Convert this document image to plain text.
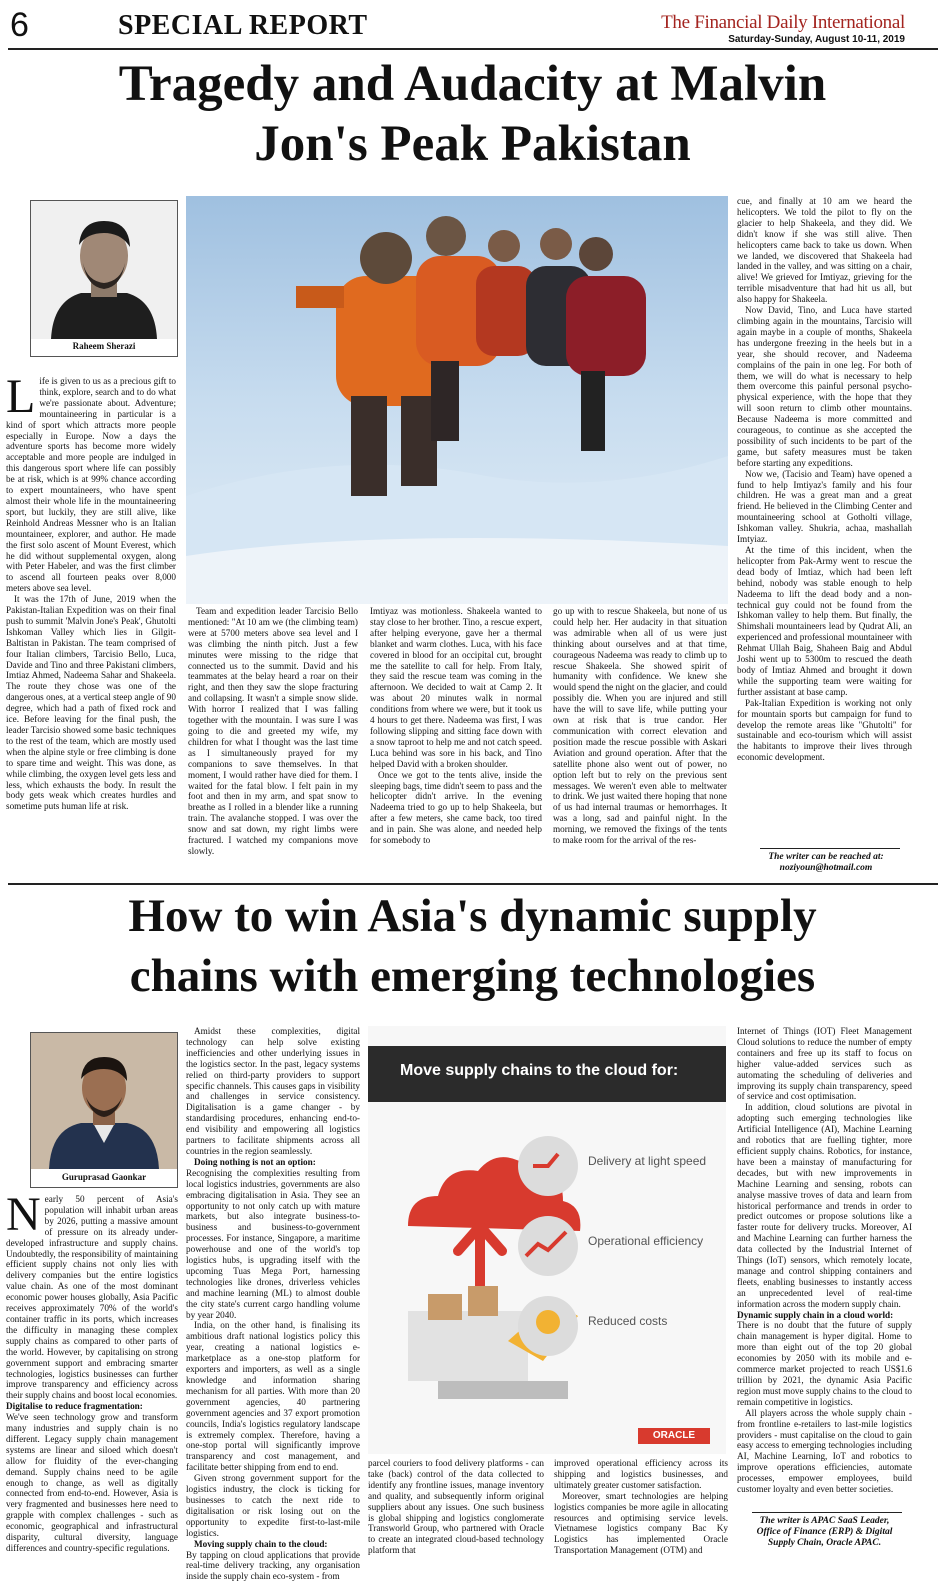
6	SPECIAL REPORT	The Financial Daily International
Saturday-Sunday, August 10-11, 2019
Tragedy and Audacity at Malvin
Jon's Peak Pakistan
Raheem Sherazi
L ife is given to us as a precious gift to think, explore, search and to do what we're passionate about. Adventure; mountaineering in particular is a kind of sport which attracts more people especially in Europe. Now a days the adventure sports has become more widely acceptable and more people are indulged in this dangerous sport where life can possibly be at risk, which is at 99% chance according to expert mountaineers, who have spent almost their whole life in the mountaineering sport, but luckily, they are still alive, like Reinhold Andreas Messner who is an Italian mountaineer, explorer, and author. He made the first solo ascent of Mount Everest, which he did without supplemental oxygen, along with Peter Habeler, and was the first climber to ascend all fourteen peaks over 8,000 meters above sea level.

It was the 17th of June, 2019 when the Pakistan-Italian Expedition was on their final push to summit 'Malvin Jone's Peak', Ghutolti Ishkoman Valley which lies in Gilgit-Baltistan in Pakistan. The team comprised of four Italian climbers, Tarcisio Bello, Luca, Davide and Tino and three Pakistani climbers, Imtiaz Ahmed, Nadeema Sahar and Shakeela. The route they chose was one of the dangerous ones, at a vertical steep angle of 90 degree, which had a path of fixed rock and ice. Before leaving for the final push, the leader Tarcisio showed some basic techniques to the rest of the team, which are mostly used when the alpine style or free climbing is done to spare time and weight. This was done, as while climbing, the oxygen level gets less and less, which exhausts the body. In result the body gets weak which creates hurdles and sometime puts human life at risk.

Team and expedition leader Tarcisio Bello mentioned: "At 10 am we (the climbing team) were at 5700 meters above sea level and I was climbing the ninth pitch. Just a few minutes were missing to the ridge that connected us to the summit. David and his teammates at the belay heard a roar on their right, and then they saw the slope fracturing and collapsing. It wasn't a simple snow slide. With horror I realized that I was falling together with the mountain. I was sure I was going to die and greeted my wife, my children for what I thought was the last time as I simultaneously prayed for my companions to save themselves. In that moment, I would rather have died for them. I waited for the fatal blow. I felt pain in my foot and then in my arm, and spat snow to breathe as I rolled in a blender like a running train. The avalanche stopped. I was over the snow and sat down, my right limbs were fractured. I watched my companions move slowly.

Imtiyaz was motionless. Shakeela wanted to stay close to her brother. Tino, a rescue expert, after helping everyone, gave her a thermal blanket and warm clothes. Luca, with his face covered in blood for an occipital cut, brought me the satellite to call for help. From Italy, they said the rescue team was coming in the afternoon. We decided to wait at Camp 2. It was about 20 minutes walk in normal conditions from where we were, but it took us 4 hours to get there. Nadeema was first, I was following slipping and sitting face down with a snow taproot to help me and not catch speed. Luca behind was sore in his back, and Tino helped David with a broken shoulder.

Once we got to the tents alive, inside the sleeping bags, time didn't seem to pass and the helicopter didn't arrive. In the evening Nadeema tried to go up to help Shakeela, but after a few meters, she came back, too tired and in pain. She was alone, and needed help for somebody to

go up with to rescue Shakeela, but none of us could help her. Her audacity in that situation was admirable when all of us were just thinking about ourselves and at that time, courageous Nadeema was ready to climb up to rescue Shakeela. She showed spirit of humanity with confidence. We knew she would spend the night on the glacier, and could possibly die. When you are injured and still have the will to save life, while putting your own at risk that is true candor. Her communication with correct elevation and position made the rescue possible with Askari Aviation and ground operation. After that the satellite phone also went out of power, no option left but to rely on the previous sent messages. We weren't even able to meltwater to drink. We just waited there hoping that none of us had internal traumas or hemorrhages. It was a long, sad and painful night. In the morning, we removed the fixings of the tents to make room for the arrival of the res-

cue, and finally at 10 am we heard the helicopters. We told the pilot to fly on the glacier to help Shakeela, and they did. We didn't know if she was still alive. Then helicopters came back to take us down. When we landed, we discovered that Shakeela had landed in the valley, and was sitting on a chair, alive! We grieved for Imtiyaz, grieving for the terrible misadventure that had hit us all, but also happy for Shakeela.

Now David, Tino, and Luca have started climbing again in the mountains, Tarcisio will again maybe in a couple of months, Shakeela has undergone freezing in the heels but in a year, she should recover, and Nadeema complains of the pain in one leg. For both of them, we will do what is necessary to help them overcome this painful personal psycho-physical experience, with the hope that they will soon return to climb other mountains. Because Nadeema is more committed and courageous, to continue as she accepted the possibility of such incidents to be part of the game, but safety measures must be taken before starting any expeditions.

Now we, (Tacisio and Team) have opened a fund to help Imtiyaz's family and his four children. He was a great man and a great friend. He believed in the Climbing Center and mountaineering school at Gotholti village, Ishkoman valley. Shukria, achaa, mashallah Imtyiaz.

At the time of this incident, when the helicopter from Pak-Army went to rescue the dead body of Imtiaz, which had been left behind, nobody was stable enough to help Nadeema to lift the dead body and a non-technical guy could not be found from the Ishkoman valley to help them. But finally, the Shimshali mountaineers lead by Qudrat Ali, an experienced and professional mountaineer with Rehmat Ullah Baig, Shaheen Baig and Abdul Joshi went up to 5300m to rescued the death body of Imtiaz Ahmed and brought it down while the supporting team were waiting for further assistant at base camp.

Pak-Italian Expedition is working not only for mountain sports but campaign for fund to develop the remote areas like "Ghutolti" for sustainable and eco-tourism which will assist the habitants to improve their lives through economic development.

The writer can be reached at:
noziyoun@hotmail.com
How to win Asia's dynamic supply
chains with emerging technologies
Guruprasad Gaonkar
N early 50 percent of Asia's population will inhabit urban areas by 2026, putting a massive amount of pressure on its already under-developed infrastructure and supply chains. Undoubtedly, the responsibility of maintaining efficient supply chains not only lies with delivery companies but the entire logistics value chain. As one of the most dominant economic power houses globally, Asia Pacific receives approximately 70% of the world's container traffic in its ports, which increases the difficulty in managing these complex supply chains as compared to other parts of the world. However, by capitalising on strong government support and embracing smarter technologies, logistics businesses can further improve transparency and efficiency across their supply chains and boost local economies.

Digitalise to reduce fragmentation:

We've seen technology grow and transform many industries and supply chain is no different. Legacy supply chain management systems are linear and siloed which doesn't allow for fluidity of the ever-changing demand. Supply chains need to be agile enough to change, as well as digitally connected from end-to-end. However, Asia is very fragmented and businesses here need to grapple with complex challenges - such as economic, geographical and infrastructural disparity, cultural diversity, language differences and country-specific regulations.

Amidst these complexities, digital technology can help solve existing inefficiencies and other underlying issues in the logistics sector. In the past, legacy systems relied on third-party providers to support specific channels. This causes gaps in visibility and challenges in service consistency. Digitalisation is a game changer - by standardising procedures, enhancing end-to-end visibility and empowering all logistics partners to facilitate shipments across all countries in the region seamlessly.

Doing nothing is not an option:

Recognising the complexities resulting from local logistics industries, governments are also embracing digitalisation in Asia. They see an opportunity to not only catch up with mature markets, but also integrate business-to-business and business-to-government processes. For instance, Singapore, a maritime powerhouse and one of the world's top logistics hubs, is upgrading itself with the upcoming Tuas Mega Port, harnessing technologies like drones, driverless vehicles and machine learning (ML) to almost double the city state's current cargo handling volume by year 2040.

India, on the other hand, is finalising its ambitious draft national logistics policy this year, creating a national logistics e-marketplace as a one-stop platform for exporters and importers, as well as a single knowledge and information sharing mechanism for all parties. With more than 20 government agencies, 40 partnering government agencies and 37 export promotion councils, India's logistics regulatory landscape is extremely complex. Therefore, having a one-stop portal will significantly improve transparency and cost management, and facilitate better shipping from end to end.

Given strong government support for the logistics industry, the clock is ticking for businesses to catch the next ride to digitalisation or risk losing out on the opportunity to expedite first-to-last-mile logistics.

Moving supply chain to the cloud:

By tapping on cloud applications that provide real-time delivery tracking, any organisation inside the supply chain eco-system - from

Move supply chains to the cloud for:
Delivery at light speed
Operational efficiency
Reduced costs
ORACLE

parcel couriers to food delivery platforms - can take (back) control of the data collected to identify any frontline issues, manage inventory and quality, and subsequently inform original suppliers about any issues. One such business is global shipping and logistics conglomerate Transworld Group, who partnered with Oracle to create an integrated cloud-based technology platform that

improved operational efficiency across its shipping and logistics businesses, and ultimately greater customer satisfaction.

Moreover, smart technologies are helping logistics companies be more agile in allocating resources and optimising service levels. Vietnamese logistics company Bac Ky Logistics has implemented Oracle Transportation Management (OTM) and

Internet of Things (IOT) Fleet Management Cloud solutions to reduce the number of empty containers and free up its staff to focus on higher value-added services such as automating the scheduling of deliveries and improving its supply chain transparency, speed of service and cost optimisation.

In addition, cloud solutions are pivotal in adopting such emerging technologies like Artificial Intelligence (AI), Machine Learning and robotics that are fuelling tighter, more efficient supply chains. Robotics, for instance, have been a mainstay of manufacturing for decades, but with new improvements in Machine Learning and sensing, robots can analyse massive troves of data and learn from historical performance and trends in order to predict outcomes or propose solutions like a faster route for delivery trucks. Moreover, AI and Machine Learning can further harness the data collected by the Industrial Internet of Things (IoT) sensors, which remotely locate, manage and control shipping containers and fleets, enabling businesses to instantly access an unprecedented level of real-time information across the modern supply chain.

Dynamic supply chain in a cloud world:

There is no doubt that the future of supply chain management is hyper digital. Home to more than eight out of the top 20 global economies by 2050 with its mobile and e-commerce market projected to reach US$1.6 trillion by 2021, the dynamic Asia Pacific region must move supply chains to the cloud to remain competitive in logistics.

All players across the whole supply chain - from frontline e-retailers to last-mile logistics providers - must capitalise on the cloud to gain easy access to emerging technologies including AI, Machine Learning, IoT and robotics to improve operations efficiencies, automate processes, empower employees, build customer loyalty and even better societies.

The writer is APAC SaaS Leader,
Office of Finance (ERP) & Digital
Supply Chain, Oracle APAC.
